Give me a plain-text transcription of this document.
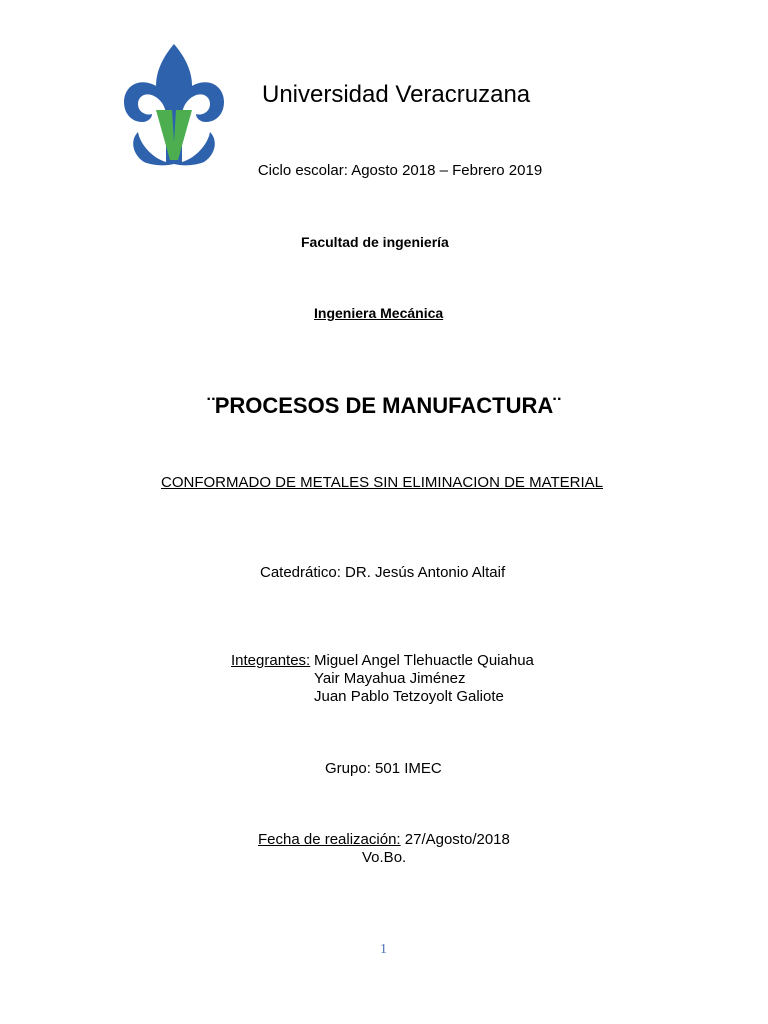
Universidad Veracruzana
Ciclo escolar: Agosto 2018 – Febrero 2019
Facultad de ingeniería
Ingeniera Mecánica
¨PROCESOS DE MANUFACTURA¨
CONFORMADO DE METALES SIN ELIMINACION DE MATERIAL
Catedrático: DR. Jesús Antonio Altaif
Integrantes: Miguel Angel Tlehuactle Quiahua
Yair Mayahua Jiménez
Juan Pablo Tetzoyolt Galiote
Grupo: 501 IMEC
Fecha de realización: 27/Agosto/2018
Vo.Bo.
1
